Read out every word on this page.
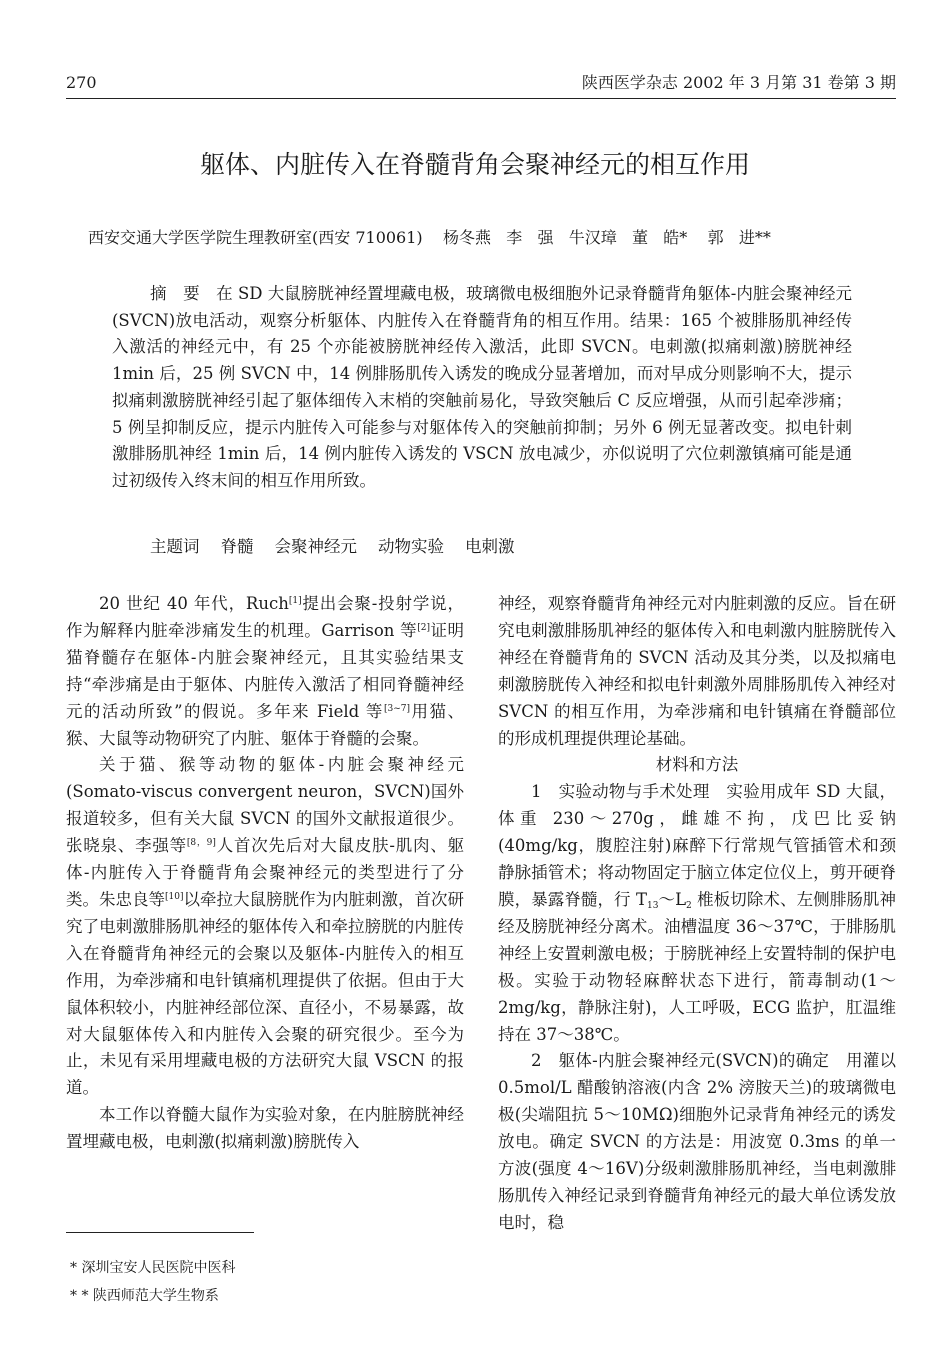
270	陕西医学杂志 2002 年 3 月第 31 卷第 3 期
躯体、内脏传入在脊髓背角会聚神经元的相互作用
西安交通大学医学院生理教研室(西安 710061)    杨冬燕   李   强   牛汉璋   董   皓*    郭   进**

摘　要　 在 SD 大鼠膀胱神经置埋藏电极，玻璃微电极细胞外记录脊髓背角躯体-内脏会聚神经元(SVCN)放电活动，观察分析躯体、内脏传入在脊髓背角的相互作用。结果：165 个被腓肠肌神经传入激活的神经元中，有 25 个亦能被膀胱神经传入激活，此即 SVCN。电刺激(拟痛刺激)膀胱神经 1min 后，25 例 SVCN 中，14 例腓肠肌传入诱发的晚成分显著增加，而对早成分则影响不大，提示拟痛刺激膀胱神经引起了躯体细传入末梢的突触前易化，导致突触后 C 反应增强，从而引起牵涉痛；5 例呈抑制反应，提示内脏传入可能参与对躯体传入的突触前抑制；另外 6 例无显著改变。拟电针刺激腓肠肌神经 1min 后，14 例内脏传入诱发的 VSCN 放电减少，亦似说明了穴位刺激镇痛可能是通过初级传入终末间的相互作用所致。

主题词 脊髓 会聚神经元 动物实验 电刺激

20 世纪 40 年代，Ruch[1]提出会聚-投射学说，作为解释内脏牵涉痛发生的机理。Garrison 等[2]证明猫脊髓存在躯体-内脏会聚神经元，且其实验结果支持“牵涉痛是由于躯体、内脏传入激活了相同脊髓神经元的活动所致”的假说。多年来 Field 等[3~7]用猫、猴、大鼠等动物研究了内脏、躯体于脊髓的会聚。

关于猫、猴等动物的躯体-内脏会聚神经元(Somato-viscus convergent neuron，SVCN)国外报道较多，但有关大鼠 SVCN 的国外文献报道很少。张晓泉、李强等[8，9]人首次先后对大鼠皮肤-肌肉、躯体-内脏传入于脊髓背角会聚神经元的类型进行了分类。朱忠良等[10]以牵拉大鼠膀胱作为内脏刺激，首次研究了电刺激腓肠肌神经的躯体传入和牵拉膀胱的内脏传入在脊髓背角神经元的会聚以及躯体-内脏传入的相互作用，为牵涉痛和电针镇痛机理提供了依据。但由于大鼠体积较小，内脏神经部位深、直径小，不易暴露，故对大鼠躯体传入和内脏传入会聚的研究很少。至今为止，未见有采用埋藏电极的方法研究大鼠 VSCN 的报道。

本工作以脊髓大鼠作为实验对象，在内脏膀胱神经置埋藏电极，电刺激(拟痛刺激)膀胱传入

神经，观察脊髓背角神经元对内脏刺激的反应。旨在研究电刺激腓肠肌神经的躯体传入和电刺激内脏膀胱传入神经在脊髓背角的 SVCN 活动及其分类，以及拟痛电刺激膀胱传入神经和拟电针刺激外周腓肠肌传入神经对 SVCN 的相互作用，为牵涉痛和电针镇痛在脊髓部位的形成机理提供理论基础。

材料和方法

1　实验动物与手术处理　实验用成年 SD 大鼠，体重 230～270g，雌雄不拘，戊巴比妥钠(40mg/kg，腹腔注射)麻醉下行常规气管插管术和颈静脉插管术；将动物固定于脑立体定位仪上，剪开硬脊膜，暴露脊髓，行 $T_{13}\sim L_2$ 椎板切除术、左侧腓肠肌神经及膀胱神经分离术。油槽温度 36～37℃，于腓肠肌神经上安置刺激电极；于膀胱神经上安置特制的保护电极。实验于动物轻麻醉状态下进行，箭毒制动(1～2mg/kg，静脉注射)，人工呼吸，ECG 监护，肛温维持在 37～38℃。

2　躯体-内脏会聚神经元(SVCN)的确定　用灌以 0.5mol/L 醋酸钠溶液(内含 2% 滂胺天兰)的玻璃微电极(尖端阻抗 5～10MΩ)细胞外记录背角神经元的诱发放电。确定 SVCN 的方法是：用波宽 0.3ms 的单一方波(强度 4～16V)分级刺激腓肠肌神经，当电刺激腓肠肌传入神经记录到脊髓背角神经元的最大单位诱发放电时，稳

* 深圳宝安人民医院中医科
* * 陕西师范大学生物系
